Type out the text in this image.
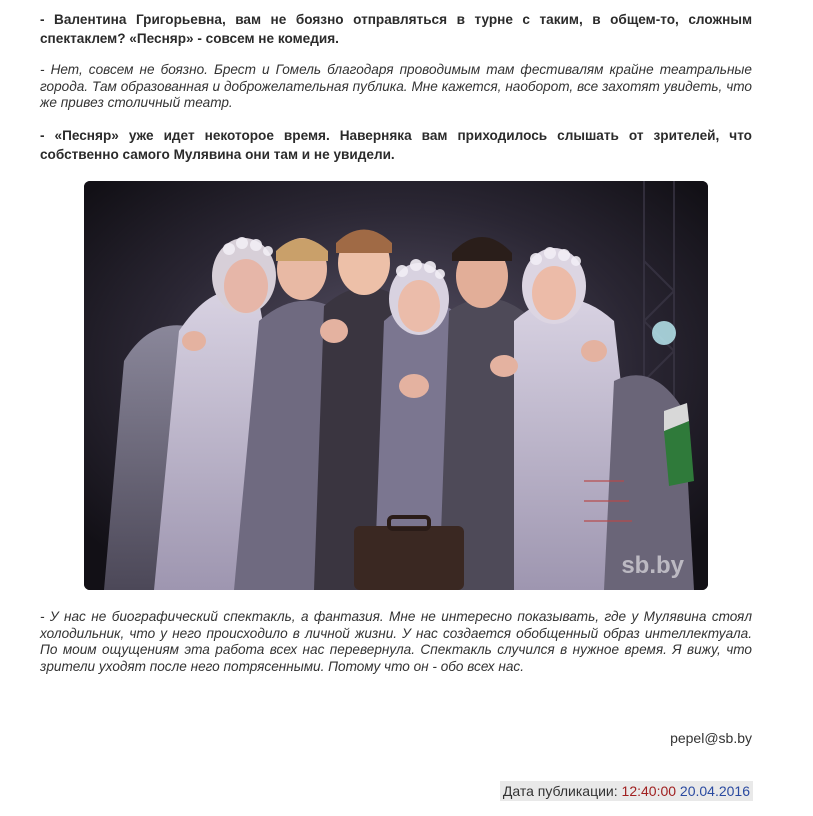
- Валентина Григорьевна, вам не боязно отправляться в турне с таким, в общем-то, сложным спектаклем? «Песняр» - совсем не комедия.

- Нет, совсем не боязно. Брест и Гомель благодаря проводимым там фестивалям крайне театральные города. Там образованная и доброжелательная публика. Мне кажется, наоборот, все захотят увидеть, что же привез столичный театр.

- «Песняр» уже идет некоторое время. Наверняка вам приходилось слышать от зрителей, что собственно самого Мулявина они там и не увидели.

sb.by

- У нас не биографический спектакль, а фантазия. Мне не интересно показывать, где у Мулявина стоял холодильник, что у него происходило в личной жизни. У нас создается обобщенный образ интеллектуала. По моим ощущениям эта работа всех нас перевернула. Спектакль случился в нужное время. Я вижу, что зрители уходят после него потрясенными. Потому что он - обо всех нас.

pepel@sb.by
Дата публикации: 12:40:00 20.04.2016
